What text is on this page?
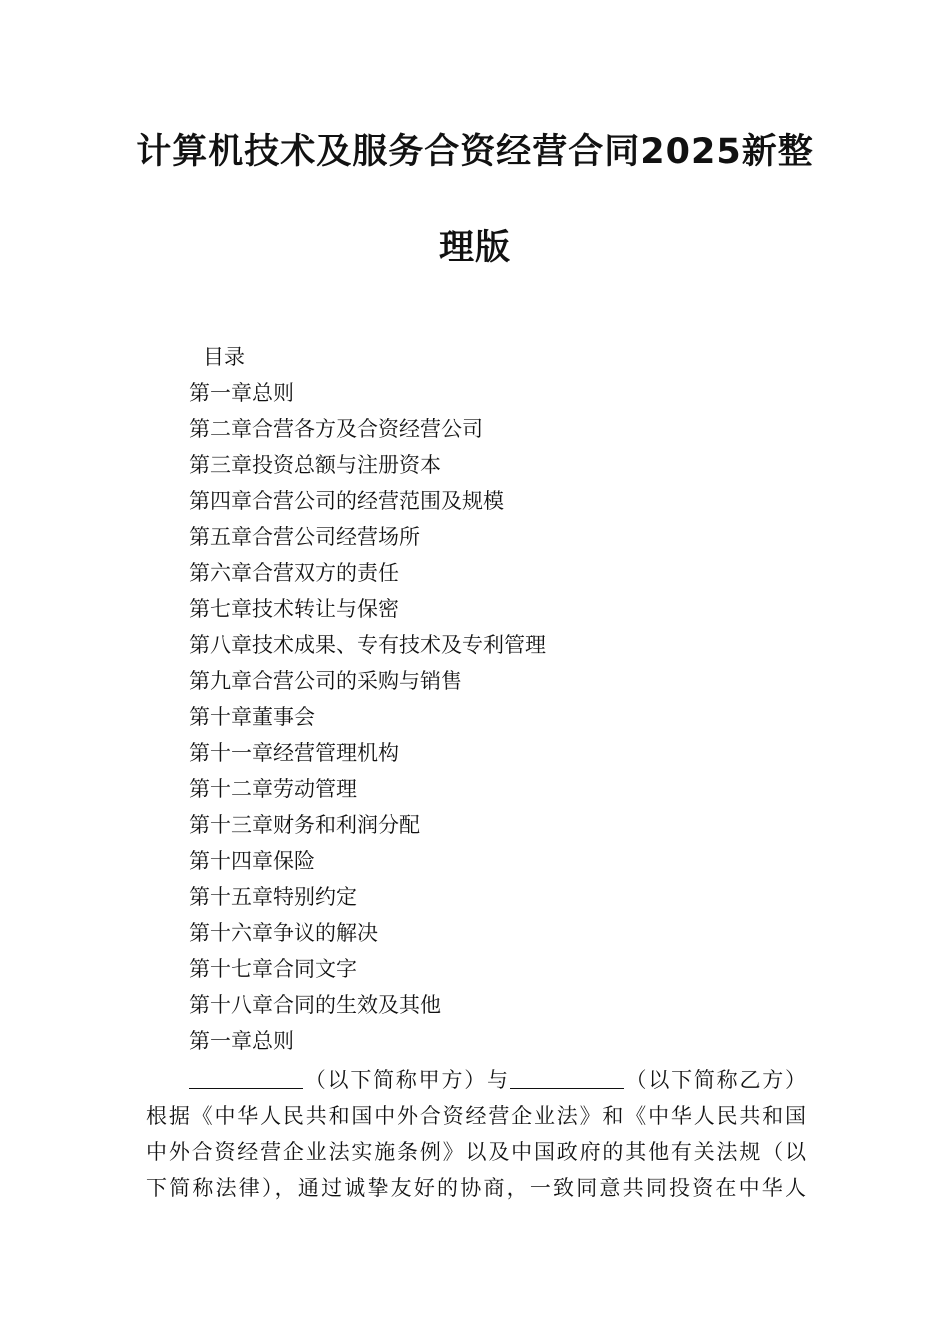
计算机技术及服务合资经营合同2025新整
理版
目录
第一章总则
第二章合营各方及合资经营公司
第三章投资总额与注册资本
第四章合营公司的经营范围及规模
第五章合营公司经营场所
第六章合营双方的责任
第七章技术转让与保密
第八章技术成果、专有技术及专利管理
第九章合营公司的采购与销售
第十章董事会
第十一章经营管理机构
第十二章劳动管理
第十三章财务和利润分配
第十四章保险
第十五章特别约定
第十六章争议的解决
第十七章合同文字
第十八章合同的生效及其他
第一章总则
（以下简称甲方）与	（以下简称乙方）
根据《中华人民共和国中外合资经营企业法》和《中华人民共和国
中外合资经营企业法实施条例》以及中国政府的其他有关法规（以
下简称法律），通过诚挚友好的协商，一致同意共同投资在中华人
